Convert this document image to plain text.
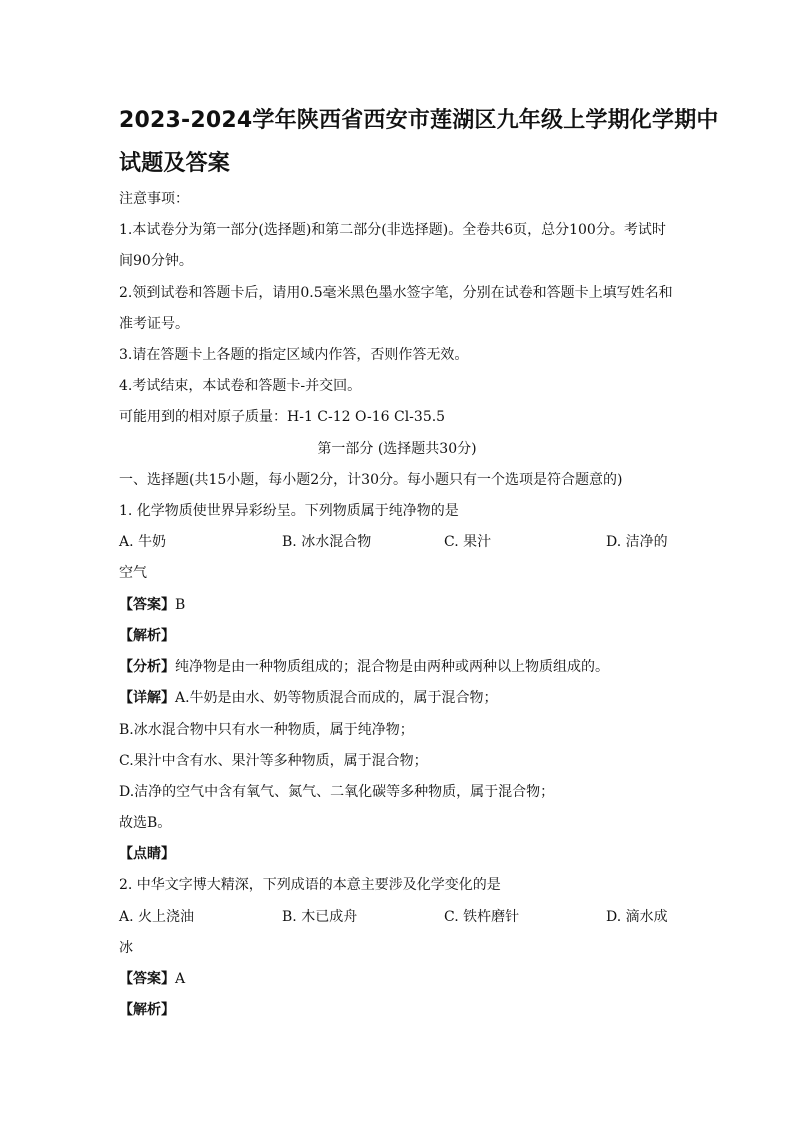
2023-2024学年陕西省西安市莲湖区九年级上学期化学期中
试题及答案
注意事项：
1.本试卷分为第一部分(选择题)和第二部分(非选择题)。全卷共6页，总分100分。考试时
间90分钟。
2.领到试卷和答题卡后，请用0.5毫米黑色墨水签字笔，分别在试卷和答题卡上填写姓名和
准考证号。
3.请在答题卡上各题的指定区域内作答，否则作答无效。
4.考试结束，本试卷和答题卡-并交回。
可能用到的相对原子质量：H-1 C-12 O-16 Cl-35.5
第一部分 (选择题共30分)
一、选择题(共15小题，每小题2分，计30分。每小题只有一个选项是符合题意的)
1. 化学物质使世界异彩纷呈。下列物质属于纯净物的是
A. 牛奶	B. 冰水混合物	C. 果汁	D. 洁净的
空气
【答案】B
【解析】
【分析】纯净物是由一种物质组成的；混合物是由两种或两种以上物质组成的。
【详解】A.牛奶是由水、奶等物质混合而成的，属于混合物；
B.冰水混合物中只有水一种物质，属于纯净物；
C.果汁中含有水、果汁等多种物质，属于混合物；
D.洁净的空气中含有氧气、氮气、二氧化碳等多种物质，属于混合物；
故选B。
【点睛】
2. 中华文字博大精深，下列成语的本意主要涉及化学变化的是
A. 火上浇油	B. 木已成舟	C. 铁杵磨针	D. 滴水成
冰
【答案】A
【解析】
